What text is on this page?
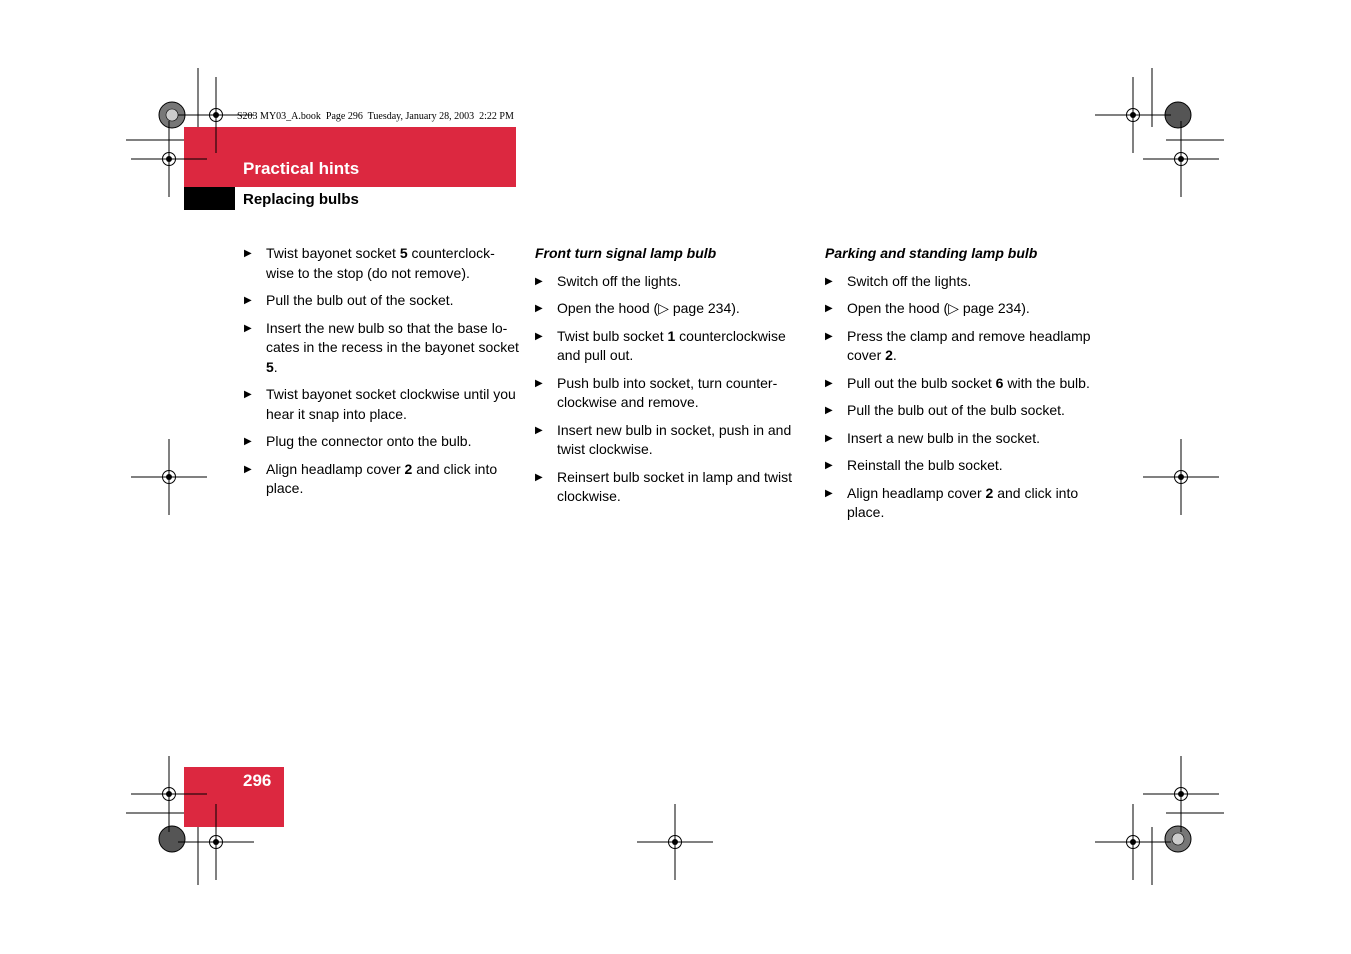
S203 MY03_A.book  Page 296  Tuesday, January 28, 2003  2:22 PM
Practical hints
Replacing bulbs
▶	Twist bayonet socket 5 counterclock-wise to the stop (do not remove).
▶	Pull the bulb out of the socket.
▶	Insert the new bulb so that the base lo-cates in the recess in the bayonet socket 5.
▶	Twist bayonet socket clockwise until you hear it snap into place.
▶	Plug the connector onto the bulb.
▶	Align headlamp cover 2 and click into place.
Front turn signal lamp bulb
▶	Switch off the lights.
▶	Open the hood (▷ page 234).
▶	Twist bulb socket 1 counterclockwise and pull out.
▶	Push bulb into socket, turn counter-clockwise and remove.
▶	Insert new bulb in socket, push in and twist clockwise.
▶	Reinsert bulb socket in lamp and twist clockwise.
Parking and standing lamp bulb
▶	Switch off the lights.
▶	Open the hood (▷ page 234).
▶	Press the clamp and remove headlamp cover 2.
▶	Pull out the bulb socket 6 with the bulb.
▶	Pull the bulb out of the bulb socket.
▶	Insert a new bulb in the socket.
▶	Reinstall the bulb socket.
▶	Align headlamp cover 2 and click into place.
296
